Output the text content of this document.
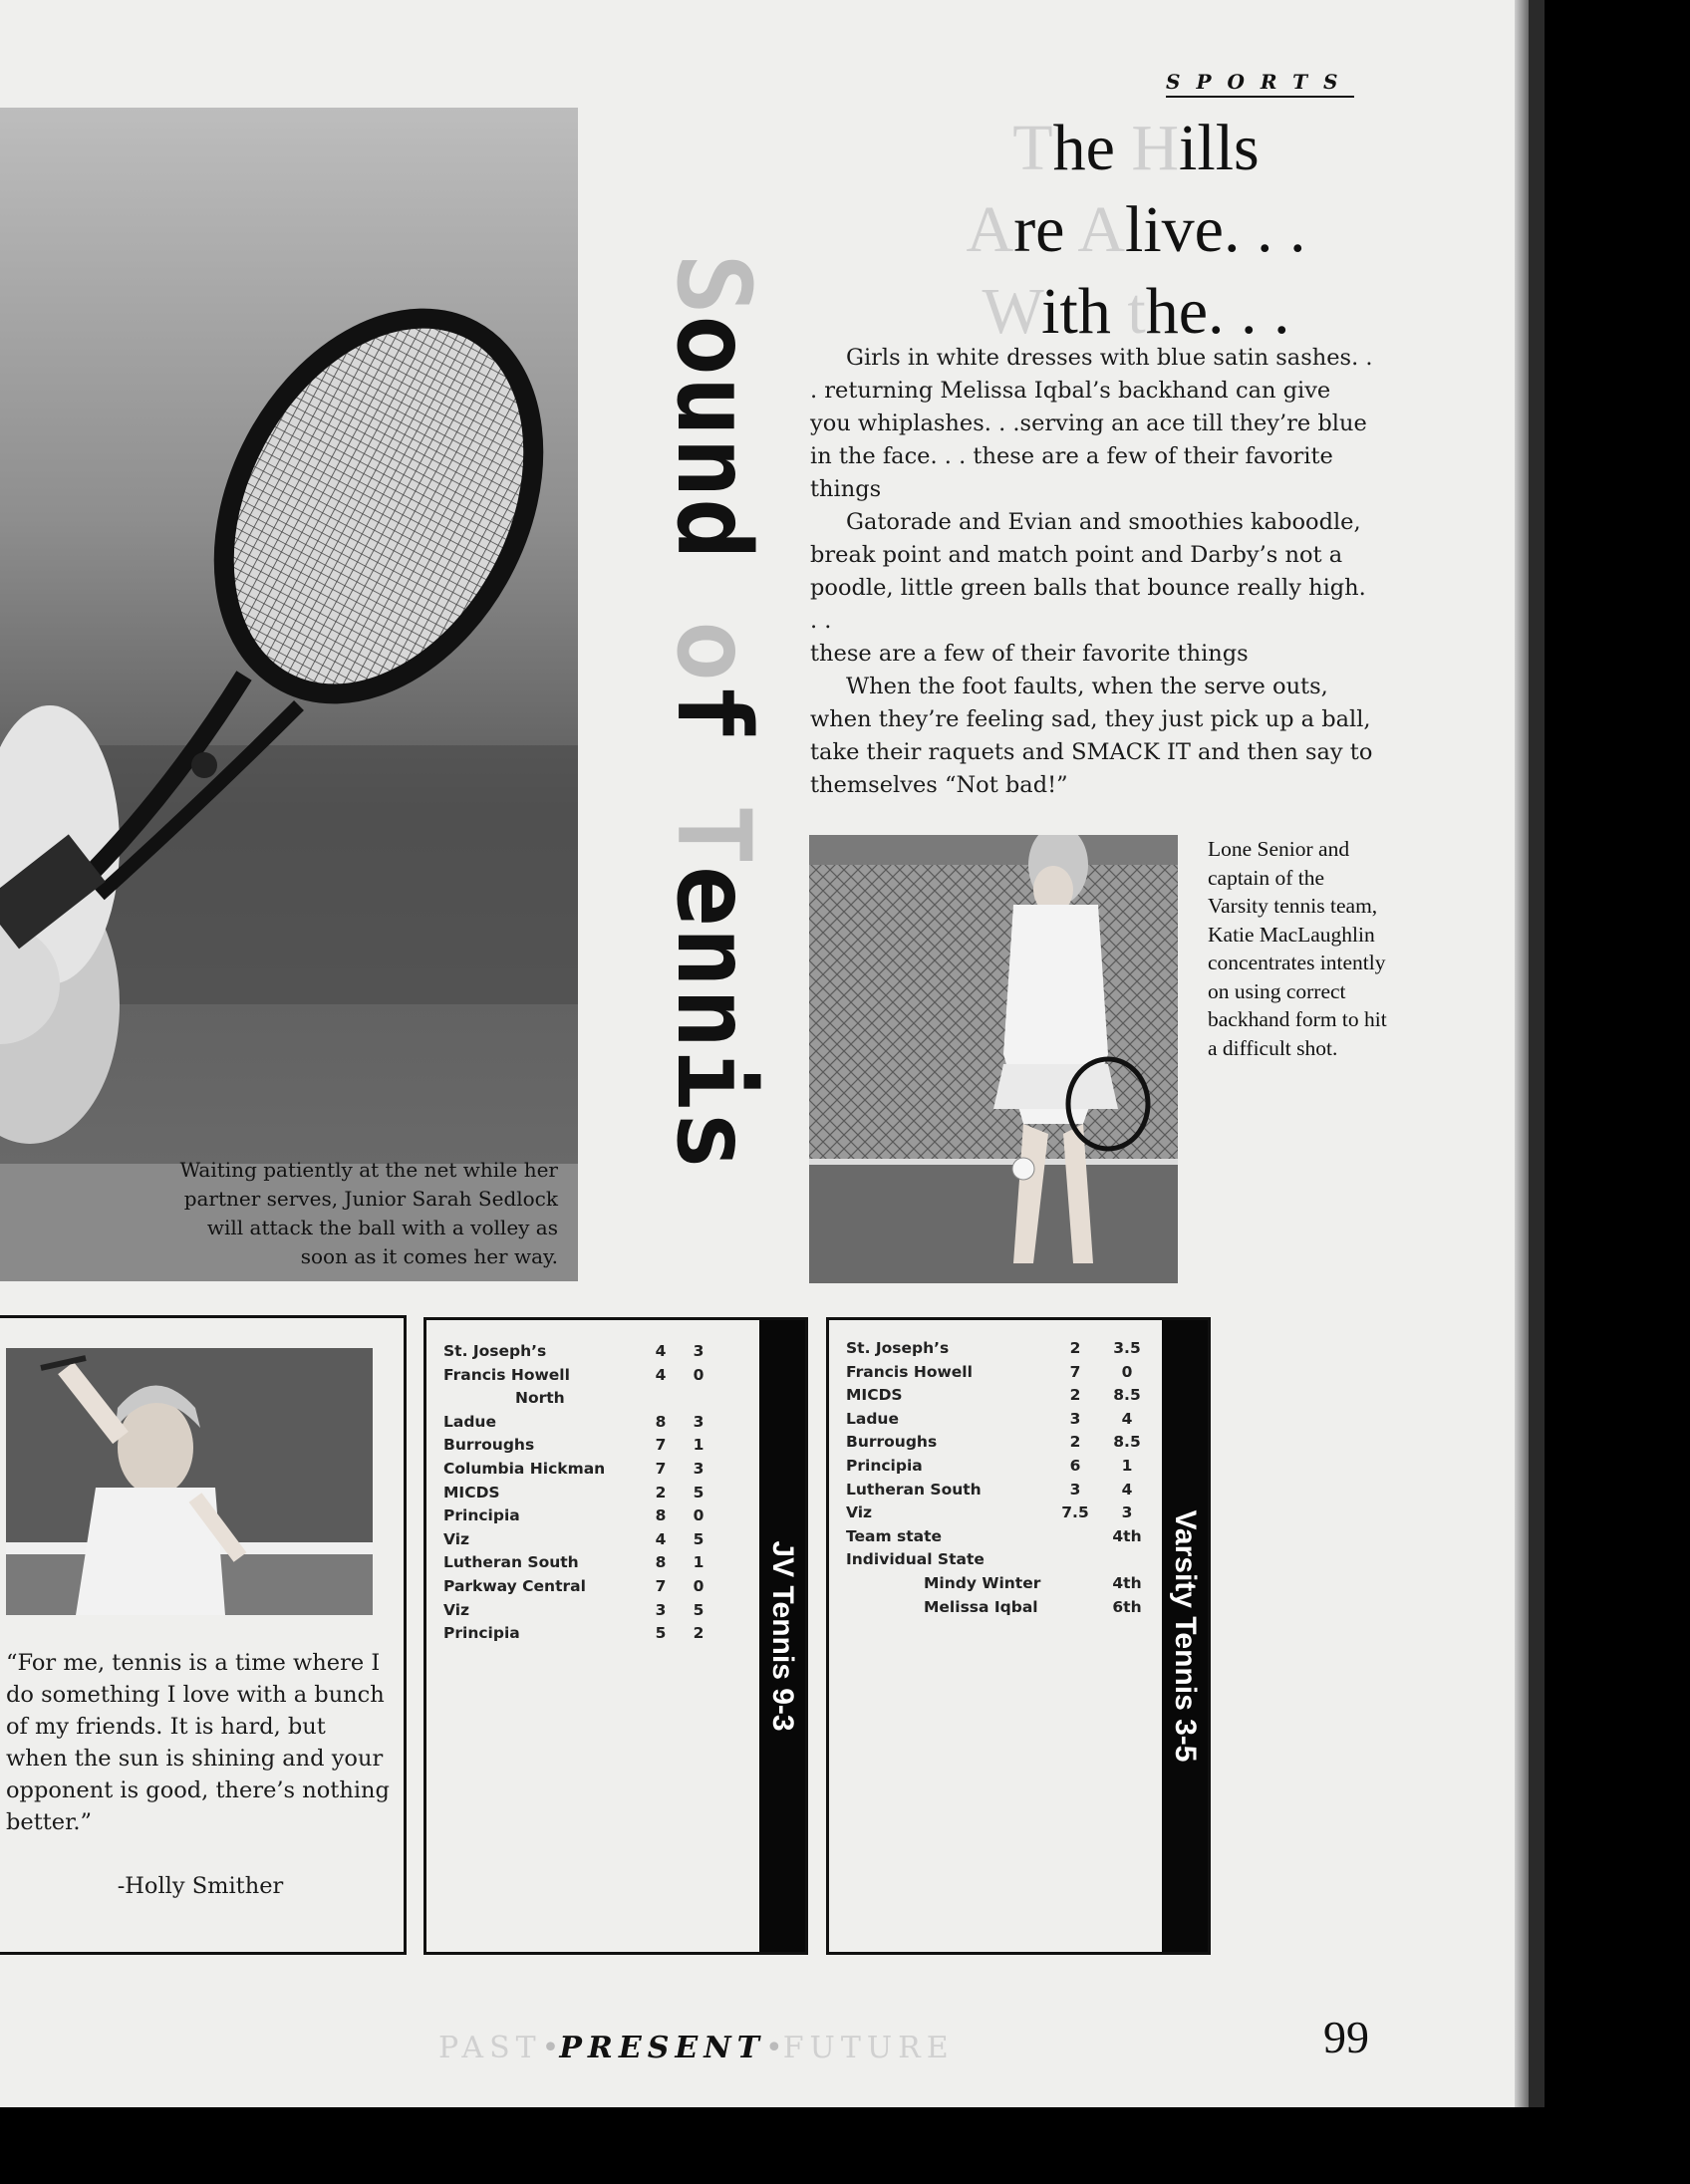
SPORTS
Sound of Tennis
The Hills
Are Alive. . .
With the. . .

Girls in white dresses with blue satin sashes. . . returning Melissa Iqbal’s backhand can give you whiplashes. . .serving an ace till they’re blue in the face. . . these are a few of their favorite things

Gatorade and Evian and smoothies kaboodle, break point and match point and Darby’s not a poodle, little green balls that bounce really high. . .

these are a few of their favorite things

When the foot faults, when the serve outs, when they’re feeling sad, they just pick up a ball, take their raquets and SMACK IT and then say to themselves “Not bad!”

Waiting patiently at the net while her partner serves, Junior Sarah Sedlock will attack the ball with a volley as soon as it comes her way.
Lone Senior and captain of the Varsity tennis team, Katie MacLaughlin concentrates intently on using correct backhand form to hit a difficult shot.

“For me, tennis is a time where I do something I love with a bunch of my friends. It is hard, but when the sun is shining and your opponent is good, there’s nothing better.”

-Holly Smither
St. Joseph’s	4	3
Francis Howell	4	0
North
Ladue	8	3
Burroughs	7	1
Columbia Hickman	7	3
MICDS	2	5
Principia	8	0
Viz	4	5
Lutheran South	8	1
Parkway Central	7	0
Viz	3	5
Principia	5	2	JV Tennis 9-3
St. Joseph’s	2	3.5
Francis Howell	7	0
MICDS	2	8.5
Ladue	3	4
Burroughs	2	8.5
Principia	6	1
Lutheran South	3	4
Viz	7.5	3
Team state	4th
Individual State
Mindy Winter	4th
Melissa Iqbal	6th Varsity Tennis 3-5
PAST•PRESENT•FUTURE	99
